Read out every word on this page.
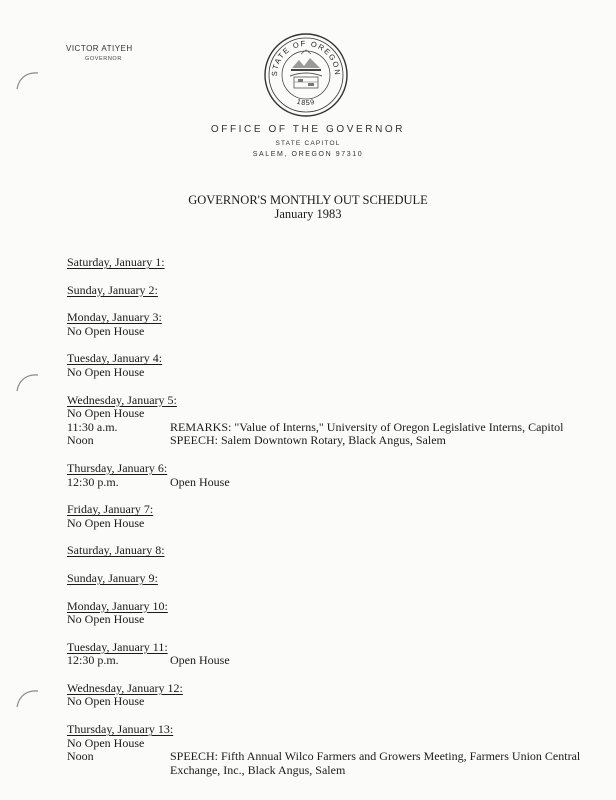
VICTOR ATIYEH
GOVERNOR
STATE OF OREGON
1859
OFFICE OF THE GOVERNOR
STATE CAPITOL
SALEM, OREGON 97310
GOVERNOR'S MONTHLY OUT SCHEDULE
January 1983
Saturday, January 1:
Sunday, January 2:
Monday, January 3:
No Open House
Tuesday, January 4:
No Open House
Wednesday, January 5:
No Open House
11:30 a.m.	REMARKS: "Value of Interns," University of Oregon Legislative Interns, Capitol
Noon	SPEECH: Salem Downtown Rotary, Black Angus, Salem
Thursday, January 6:
12:30 p.m.	Open House
Friday, January 7:
No Open House
Saturday, January 8:
Sunday, January 9:
Monday, January 10:
No Open House
Tuesday, January 11:
12:30 p.m.	Open House
Wednesday, January 12:
No Open House
Thursday, January 13:
No Open House
Noon	SPEECH: Fifth Annual Wilco Farmers and Growers Meeting, Farmers Union Central Exchange, Inc., Black Angus, Salem
